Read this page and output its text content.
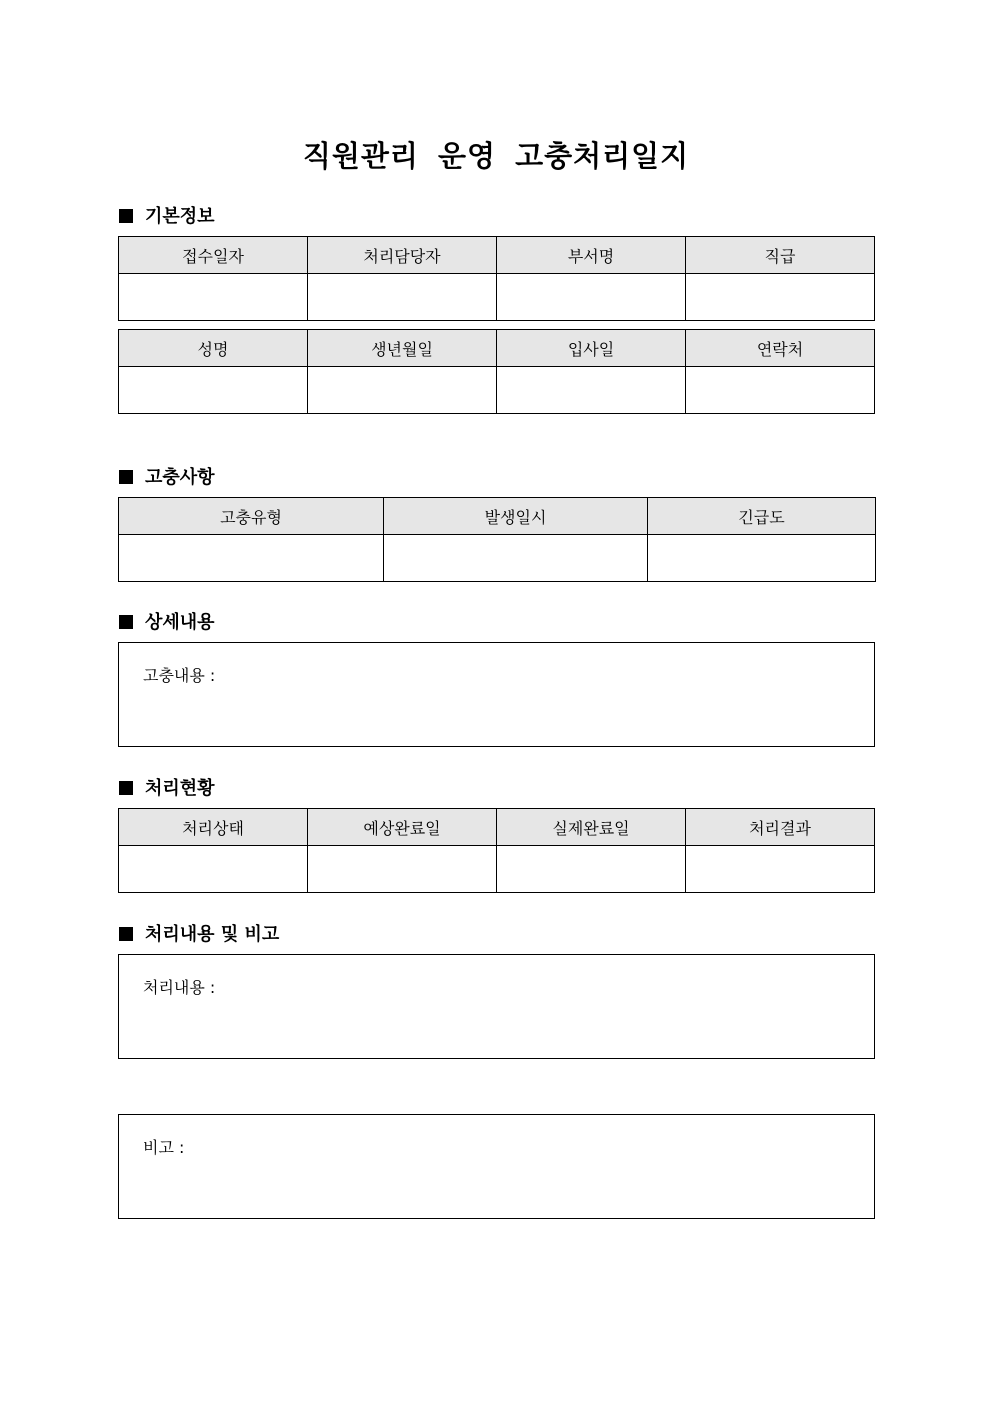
직원관리 운영 고충처리일지
기본정보
접수일자	처리담당자	부서명	직급

성명	생년월일	입사일	연락처

고충사항
고충유형	발생일시	긴급도

상세내용
고충내용 :
처리현황
처리상태	예상완료일	실제완료일	처리결과

처리내용 및 비고
처리내용 :
비고 :
